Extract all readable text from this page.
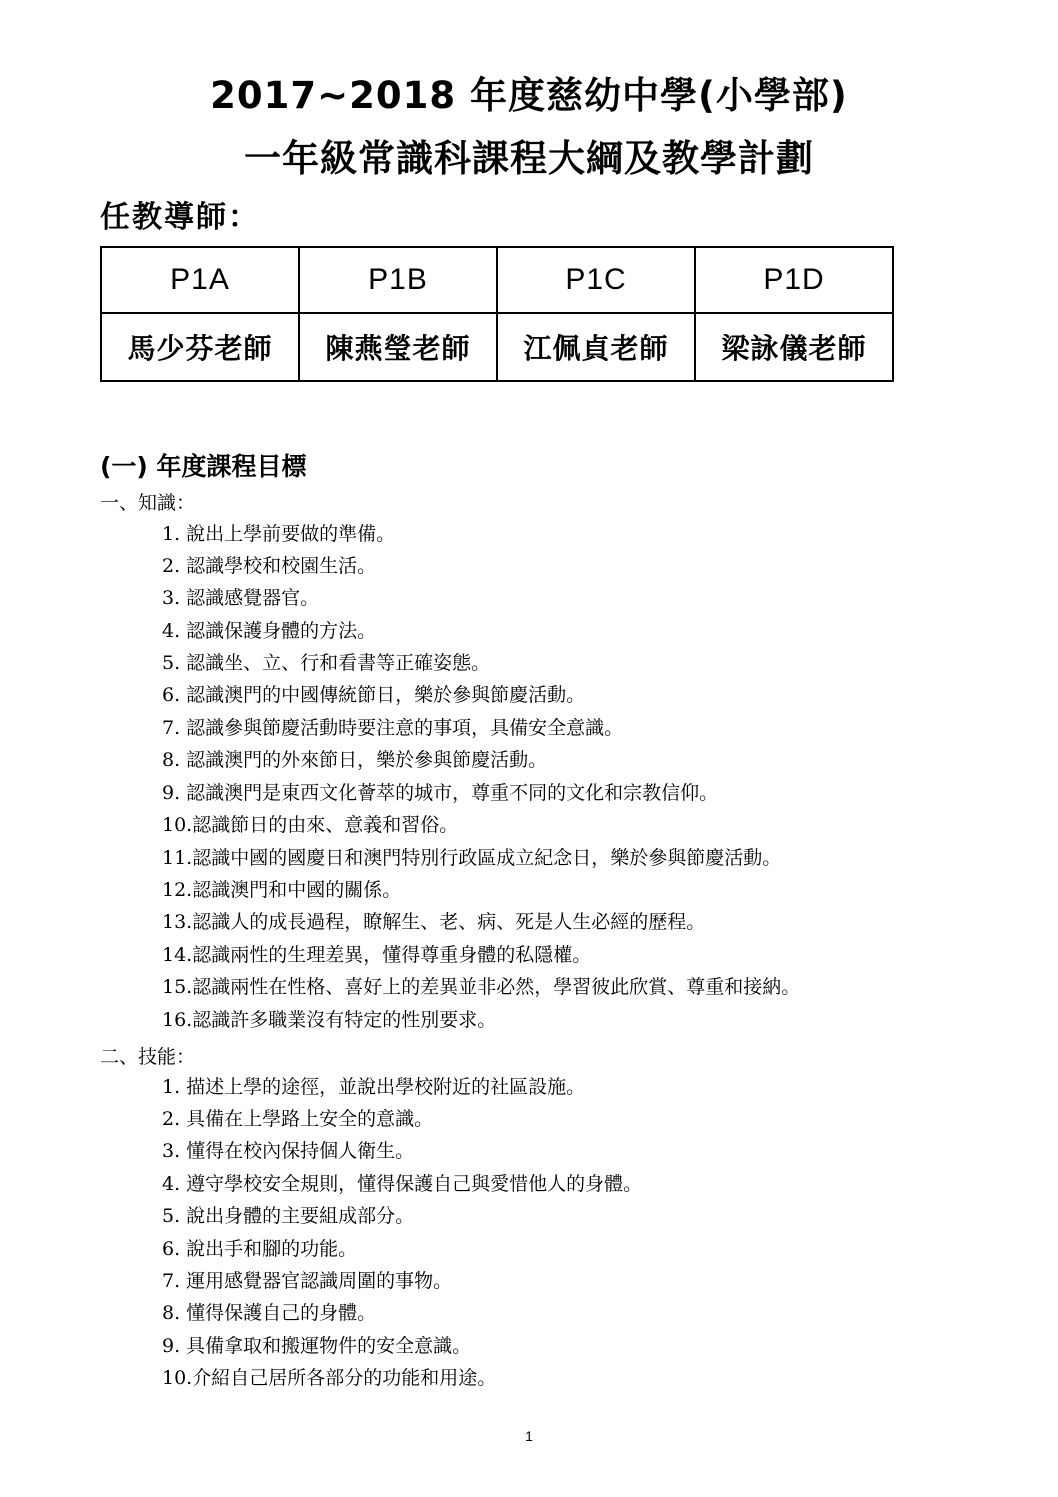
2017~2018 年度慈幼中學(小學部)
一年級常識科課程大綱及教學計劃
任教導師：
P1A	P1B	P1C	P1D
馬少芬老師	陳燕瑩老師	江佩貞老師	梁詠儀老師
(一) 年度課程目標
一、知識：
1. 說出上學前要做的準備。
2. 認識學校和校園生活。
3. 認識感覺器官。
4. 認識保護身體的方法。
5. 認識坐、立、行和看書等正確姿態。
6. 認識澳門的中國傳統節日，樂於參與節慶活動。
7. 認識參與節慶活動時要注意的事項，具備安全意識。
8. 認識澳門的外來節日，樂於參與節慶活動。
9. 認識澳門是東西文化薈萃的城市，尊重不同的文化和宗教信仰。
10.認識節日的由來、意義和習俗。
11.認識中國的國慶日和澳門特別行政區成立紀念日，樂於參與節慶活動。
12.認識澳門和中國的關係。
13.認識人的成長過程，瞭解生、老、病、死是人生必經的歷程。
14.認識兩性的生理差異，懂得尊重身體的私隱權。
15.認識兩性在性格、喜好上的差異並非必然，學習彼此欣賞、尊重和接納。
16.認識許多職業沒有特定的性別要求。
二、技能：
1. 描述上學的途徑，並說出學校附近的社區設施。
2. 具備在上學路上安全的意識。
3. 懂得在校內保持個人衛生。
4. 遵守學校安全規則，懂得保護自己與愛惜他人的身體。
5. 說出身體的主要組成部分。
6. 說出手和腳的功能。
7. 運用感覺器官認識周圍的事物。
8. 懂得保護自己的身體。
9. 具備拿取和搬運物件的安全意識。
10.介紹自己居所各部分的功能和用途。
1
